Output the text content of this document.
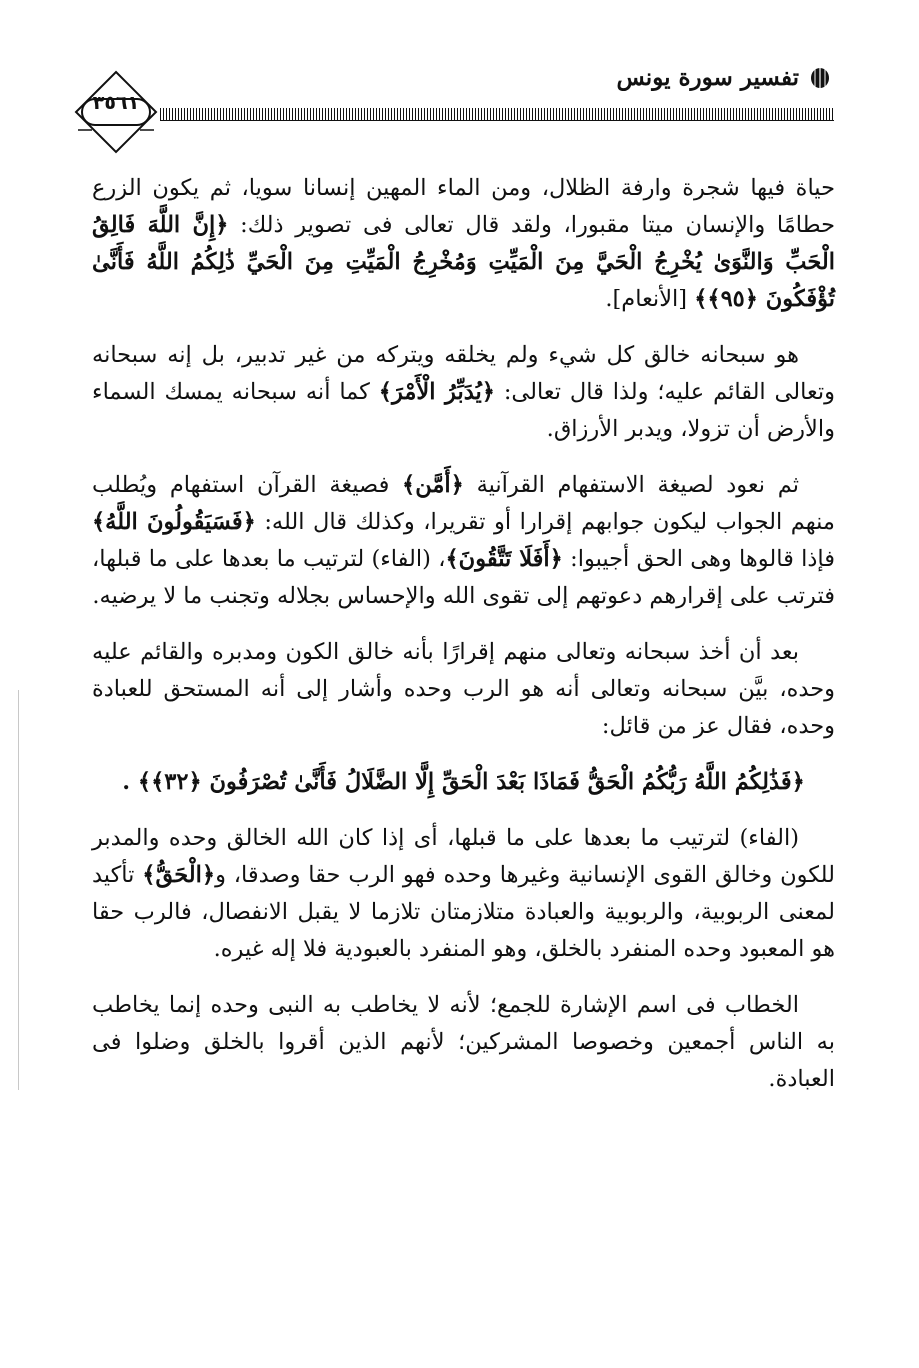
تفسير سورة يونس
٣٥٦١

حياة فيها شجرة وارفة الظلال، ومن الماء المهين إنسانا سويا، ثم يكون الزرع حطامًا والإنسان ميتا مقبورا، ولقد قال تعالى فى تصوير ذلك: ﴿إِنَّ اللَّهَ فَالِقُ الْحَبِّ وَالنَّوَىٰ يُخْرِجُ الْحَيَّ مِنَ الْمَيِّتِ وَمُخْرِجُ الْمَيِّتِ مِنَ الْحَيِّ ذَٰلِكُمُ اللَّهُ فَأَنَّىٰ تُؤْفَكُونَ ﴿٩٥﴾﴾ [الأنعام].

هو سبحانه خالق كل شيء ولم يخلقه ويتركه من غير تدبير، بل إنه سبحانه وتعالى القائم عليه؛ ولذا قال تعالى: ﴿يُدَبِّرُ الْأَمْرَ﴾ كما أنه سبحانه يمسك السماء والأرض أن تزولا، ويدبر الأرزاق.

ثم نعود لصيغة الاستفهام القرآنية ﴿أَمَّن﴾ فصيغة القرآن استفهام ويُطلب منهم الجواب ليكون جوابهم إقرارا أو تقريرا، وكذلك قال الله: ﴿فَسَيَقُولُونَ اللَّهُ﴾ فإذا قالوها وهى الحق أجيبوا: ﴿أَفَلَا تَتَّقُونَ﴾، (الفاء) لترتيب ما بعدها على ما قبلها، فترتب على إقرارهم دعوتهم إلى تقوى الله والإحساس بجلاله وتجنب ما لا يرضيه.

بعد أن أخذ سبحانه وتعالى منهم إقرارًا بأنه خالق الكون ومدبره والقائم عليه وحده، بيَّن سبحانه وتعالى أنه هو الرب وحده وأشار إلى أنه المستحق للعبادة وحده، فقال عز من قائل:

﴿فَذَٰلِكُمُ اللَّهُ رَبُّكُمُ الْحَقُّ فَمَاذَا بَعْدَ الْحَقِّ إِلَّا الضَّلَالُ فَأَنَّىٰ تُصْرَفُونَ ﴿٣٢﴾﴾ .

(الفاء) لترتيب ما بعدها على ما قبلها، أى إذا كان الله الخالق وحده والمدبر للكون وخالق القوى الإنسانية وغيرها وحده فهو الرب حقا وصدقا، و﴿الْحَقُّ﴾ تأكيد لمعنى الربوبية، والربوبية والعبادة متلازمتان تلازما لا يقبل الانفصال، فالرب حقا هو المعبود وحده المنفرد بالخلق، وهو المنفرد بالعبودية فلا إله غيره.

الخطاب فى اسم الإشارة للجمع؛ لأنه لا يخاطب به النبى وحده إنما يخاطب به الناس أجمعين وخصوصا المشركين؛ لأنهم الذين أقروا بالخلق وضلوا فى العبادة.
